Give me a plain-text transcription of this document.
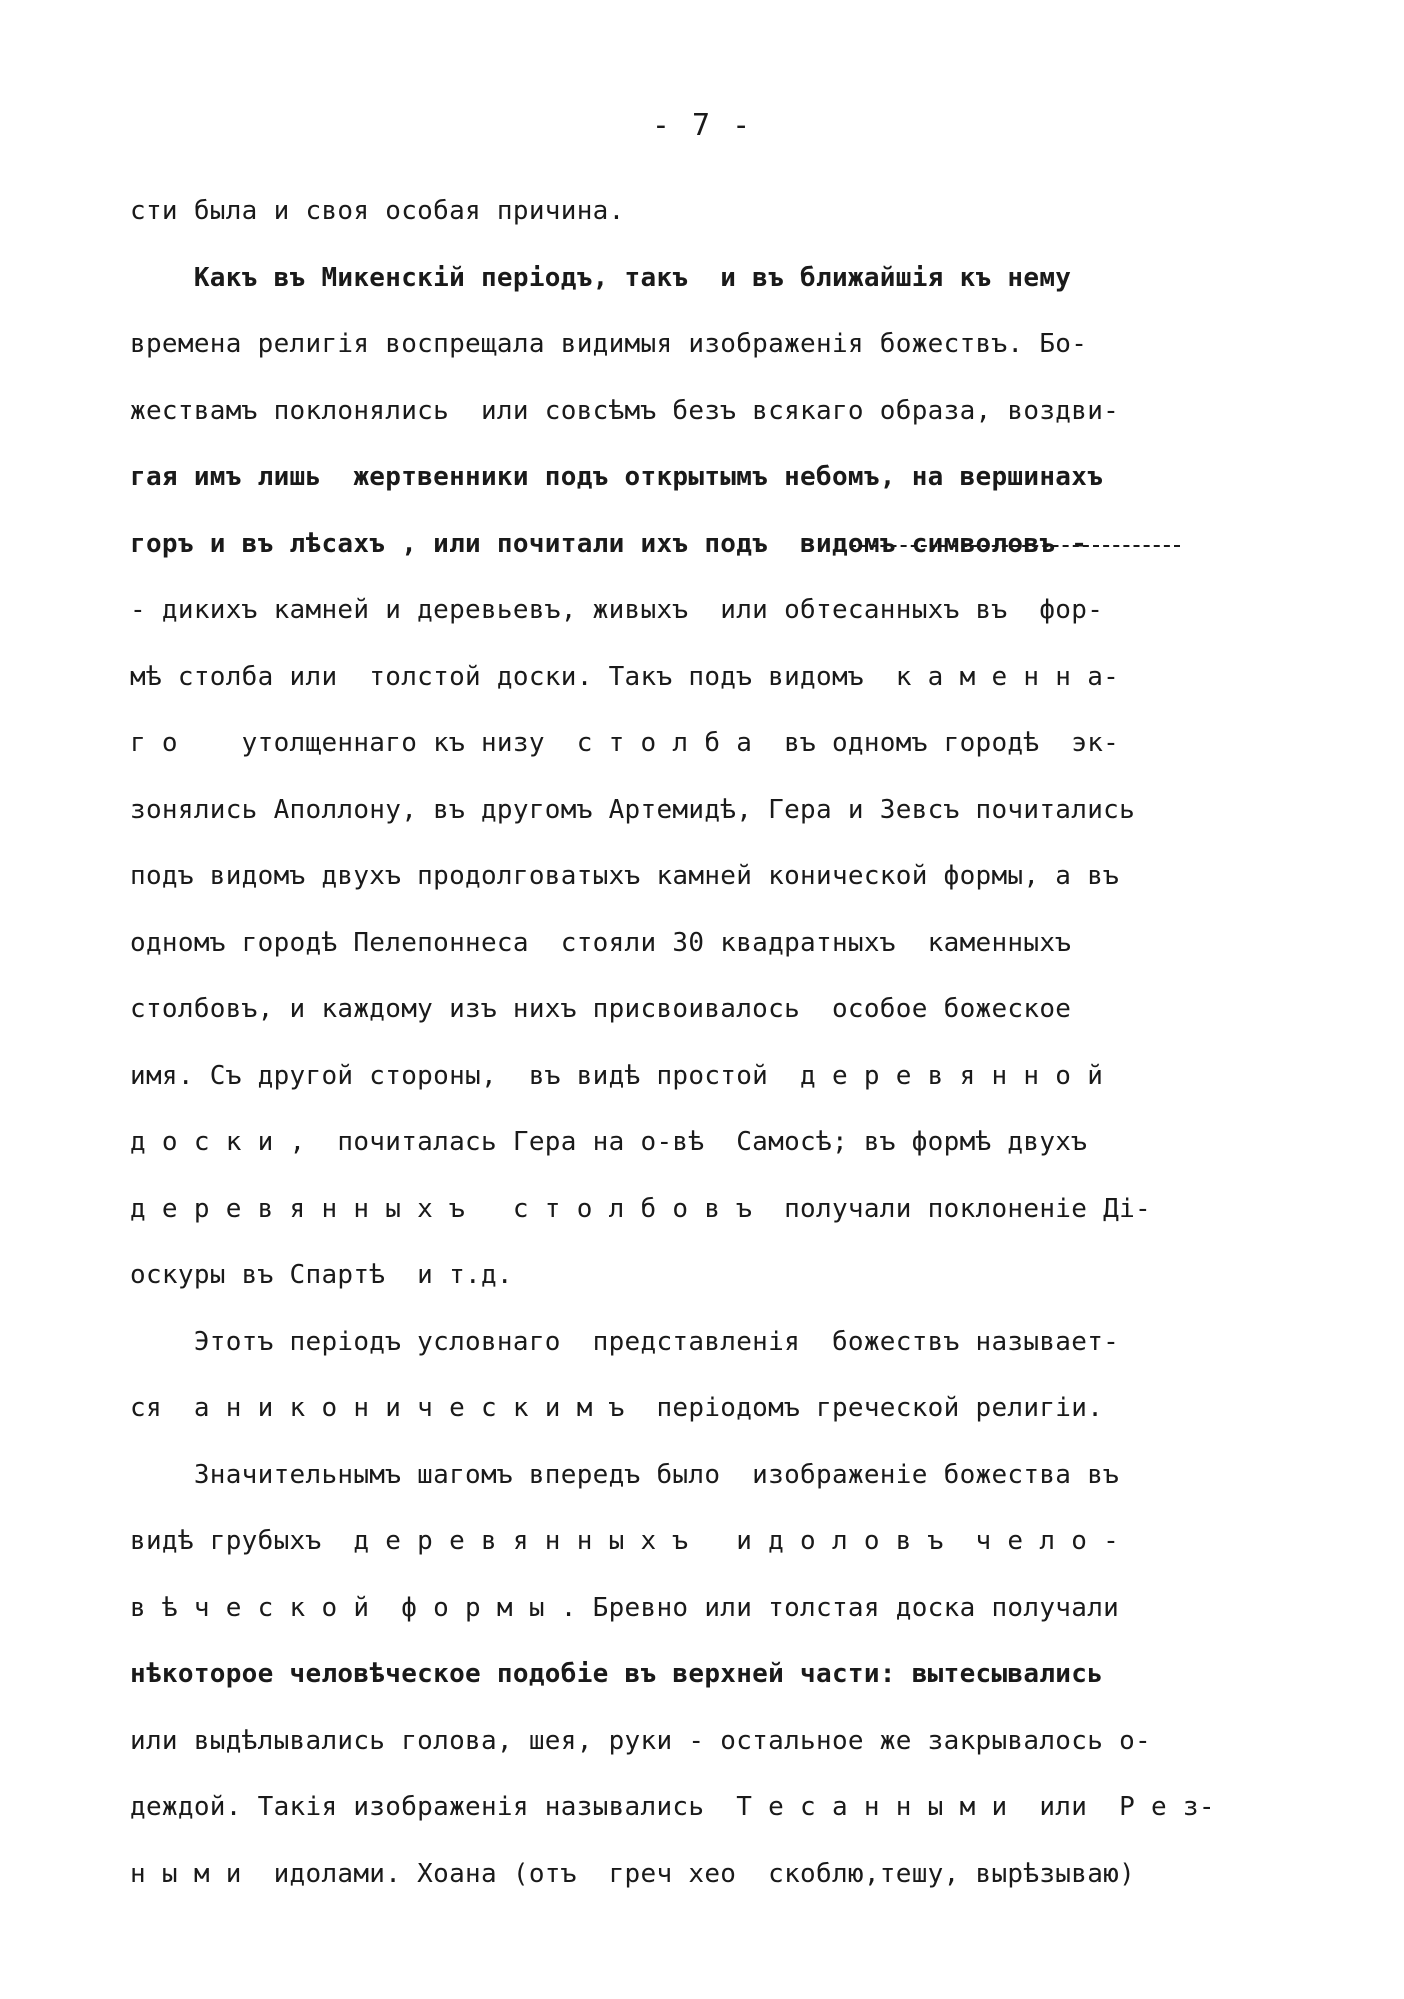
- 7 -
сти была и своя особая причина.
Какъ въ Микенскій періодъ, такъ  и въ ближайшія къ нему
времена религія воспрещала видимыя изображенія божествъ. Бо-
жествамъ поклонялись  или совсѣмъ безъ всякаго образа, воздви-
гая имъ лишь  жертвенники подъ открытымъ небомъ, на вершинахъ
горъ и въ лѣсахъ , или почитали ихъ подъ  видомъ символовъ -
- дикихъ камней и деревьевъ, живыхъ  или обтесанныхъ въ  фор-
мѣ столба или  толстой доски. Такъ подъ видомъ  к а м е н н а-
г о    утолщеннаго къ низу  с т о л б а  въ одномъ городѣ  эк-
зонялись Аполлону, въ другомъ Артемидѣ, Гера и Зевсъ почитались
подъ видомъ двухъ продолговатыхъ камней конической формы, а въ
одномъ городѣ Пелепоннеса  стояли 30 квадратныхъ  каменныхъ
столбовъ, и каждому изъ нихъ присвоивалось  особое божеское
имя. Съ другой стороны,  въ видѣ простой  д е р е в я н н о й
д о с к и ,  почиталась Гера на о-вѣ  Самосѣ; въ формѣ двухъ
д е р е в я н н ы х ъ   с т о л б о в ъ  получали поклоненіе Ді-
оскуры въ Спартѣ  и т.д.
Этотъ періодъ условнаго  представленія  божествъ называет-
ся  а н и к о н и ч е с к и м ъ  періодомъ греческой религіи.
Значительнымъ шагомъ впередъ было  изображеніе божества въ
видѣ грубыхъ  д е р е в я н н ы х ъ   и д о л о в ъ  ч е л о -
в ѣ ч е с к о й  ф о р м ы . Бревно или толстая доска получали
нѣкоторое человѣческое подобіе въ верхней части: вытесывались
или выдѣлывались голова, шея, руки - остальное же закрывалось о-
деждой. Такія изображенія назывались  Т е с а н н ы м и  или  Р е з-
н ы м и  идолами. Хоана (отъ  греч хео  скоблю,тешу, вырѣзываю)
